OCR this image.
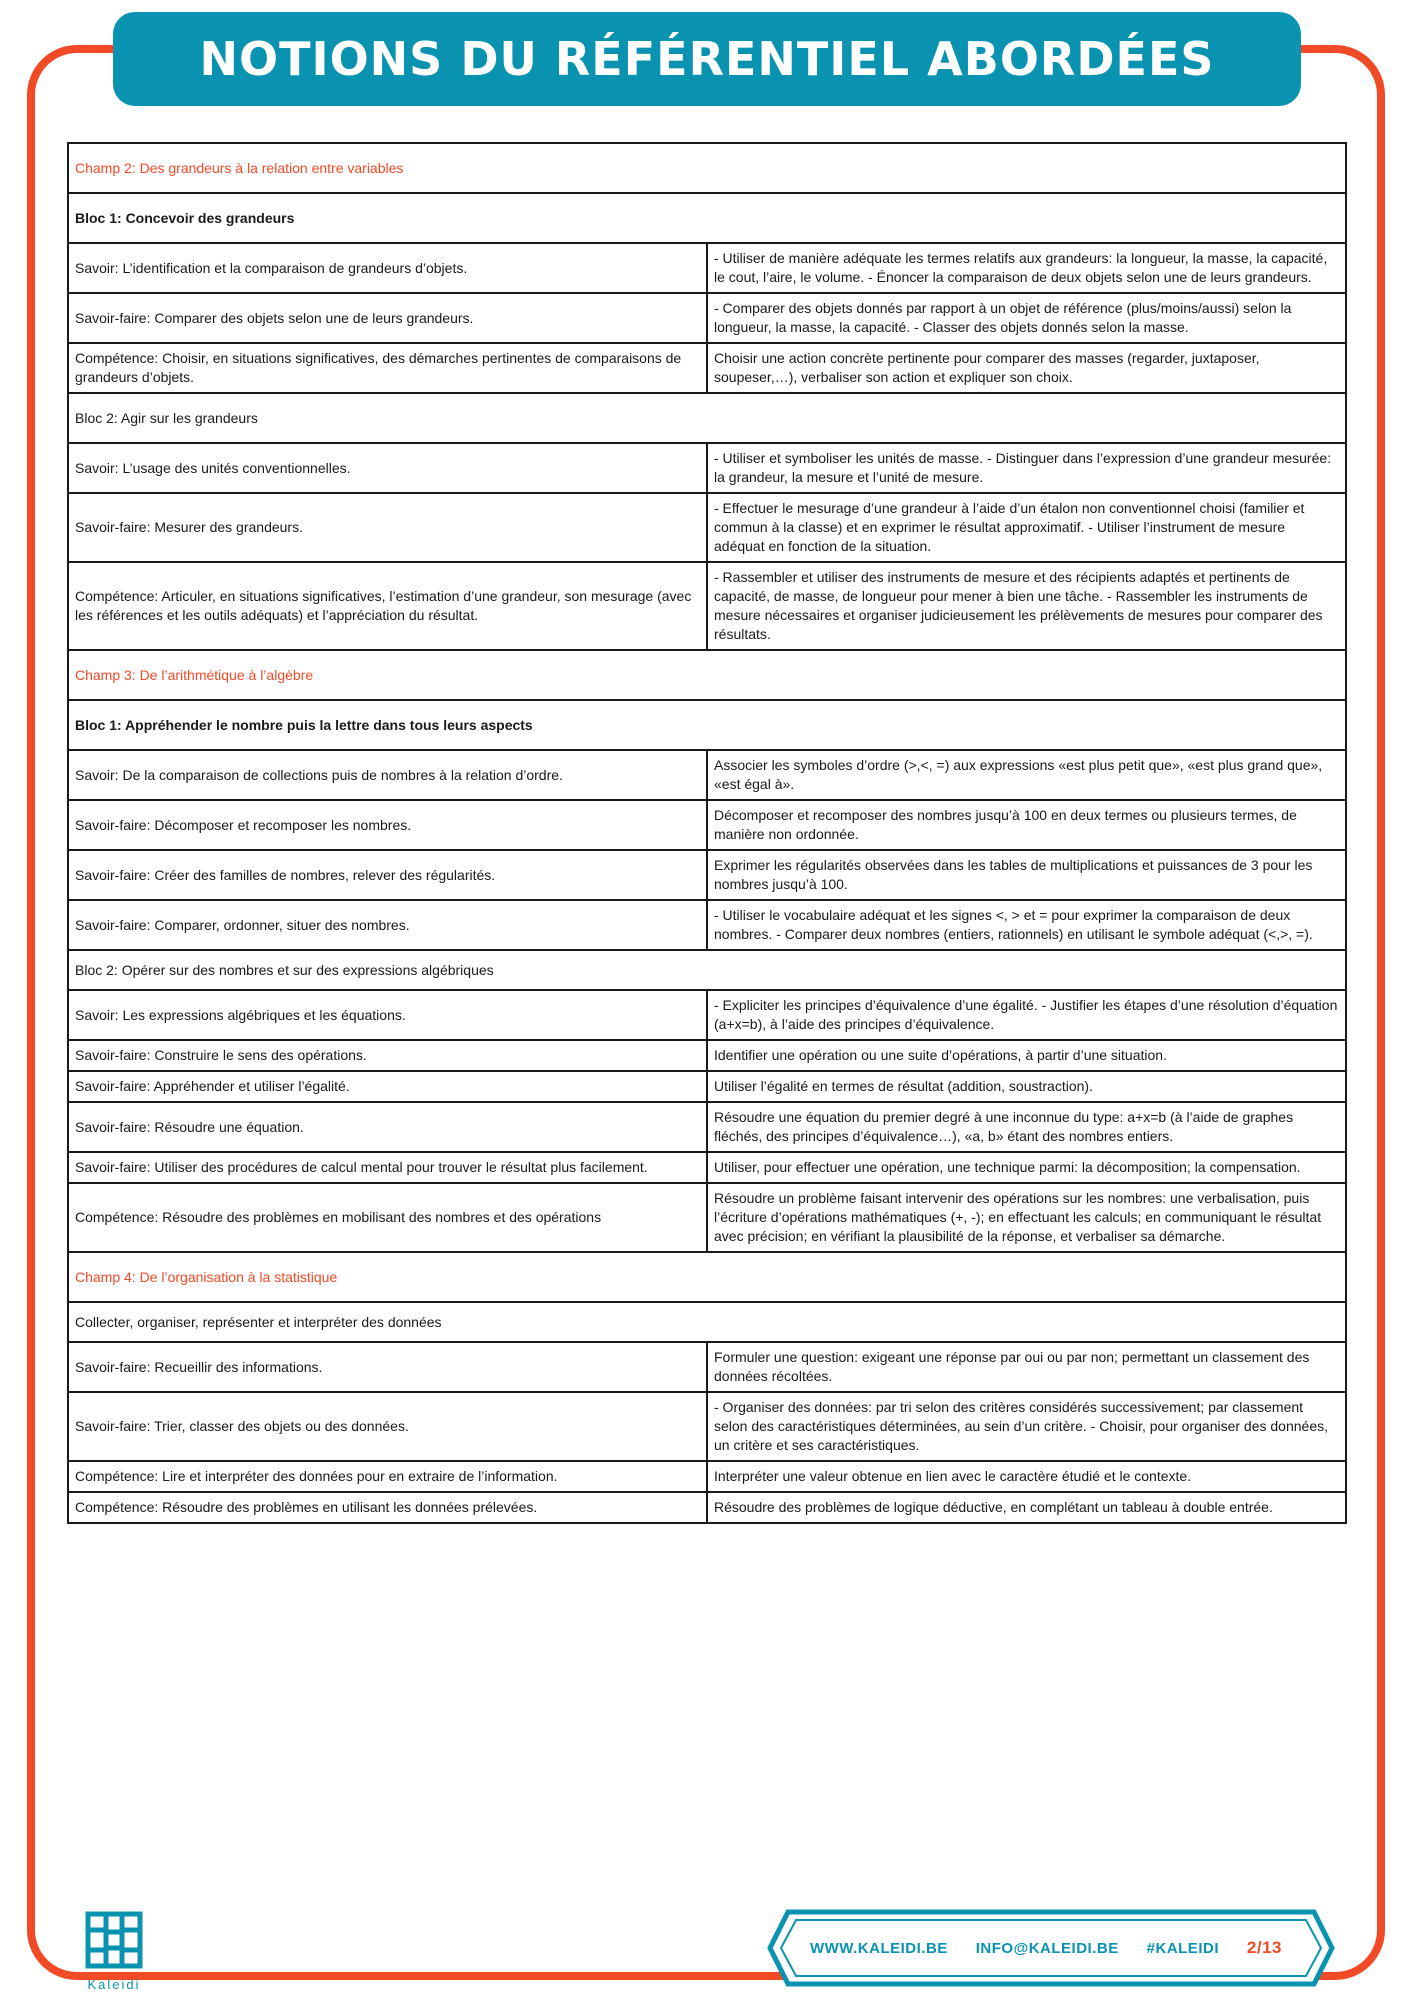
NOTIONS DU RÉFÉRENTIEL ABORDÉES
Champ 2: Des grandeurs à la relation entre variables	
Bloc 1: Concevoir des grandeurs	
Savoir: L’identification et la comparaison de grandeurs d’objets.	- Utiliser de manière adéquate les termes relatifs aux grandeurs: la longueur, la masse, la capacité, le cout, l’aire, le volume. - Énoncer la comparaison de deux objets selon une de leurs grandeurs.
Savoir-faire: Comparer des objets selon une de leurs grandeurs.	- Comparer des objets donnés par rapport à un objet de référence (plus/moins/aussi) selon la longueur, la masse, la capacité. - Classer des objets donnés selon la masse.
Compétence: Choisir, en situations significatives, des démarches pertinentes de comparaisons de grandeurs d’objets.	Choisir une action concrète pertinente pour comparer des masses (regarder, juxtaposer, soupeser,…), verbaliser son action et expliquer son choix.
Bloc 2: Agir sur les grandeurs	
Savoir: L’usage des unités conventionnelles.	- Utiliser et symboliser les unités de masse. - Distinguer dans l’expression d’une grandeur mesurée: la grandeur, la mesure et l’unité de mesure.
Savoir-faire: Mesurer des grandeurs.	- Effectuer le mesurage d’une grandeur à l’aide d’un étalon non conventionnel choisi (familier et commun à la classe) et en exprimer le résultat approximatif. - Utiliser l’instrument de mesure adéquat en fonction de la situation.
Compétence: Articuler, en situations significatives, l’estimation d’une grandeur, son mesurage (avec les références et les outils adéquats) et l’appréciation du résultat.	- Rassembler et utiliser des instruments de mesure et des récipients adaptés et pertinents de capacité, de masse, de longueur pour mener à bien une tâche. - Rassembler les instruments de mesure nécessaires et organiser judicieusement les prélèvements de mesures pour comparer des résultats.
Champ 3: De l’arithmétique à l’algèbre	
Bloc 1: Appréhender le nombre puis la lettre dans tous leurs aspects	
Savoir: De la comparaison de collections puis de nombres à la relation d’ordre.	Associer les symboles d’ordre (>,<, =) aux expressions «est plus petit que», «est plus grand que», «est égal à».
Savoir-faire: Décomposer et recomposer les nombres.	Décomposer et recomposer des nombres jusqu’à 100 en deux termes ou plusieurs termes, de manière non ordonnée.
Savoir-faire: Créer des familles de nombres, relever des régularités.	Exprimer les régularités observées dans les tables de multiplications et puissances de 3 pour les nombres jusqu’à 100.
Savoir-faire: Comparer, ordonner, situer des nombres.	- Utiliser le vocabulaire adéquat et les signes <, > et = pour exprimer la comparaison de deux nombres. - Comparer deux nombres (entiers, rationnels) en utilisant le symbole adéquat (<,>, =).
Bloc 2: Opérer sur des nombres et sur des expressions algébriques	
Savoir: Les expressions algébriques et les équations.	- Expliciter les principes d’équivalence d’une égalité. - Justifier les étapes d’une résolution d’équation (a+x=b), à l’aide des principes d’équivalence.
Savoir-faire: Construire le sens des opérations.	Identifier une opération ou une suite d’opérations, à partir d’une situation.
Savoir-faire: Appréhender et utiliser l’égalité.	Utiliser l’égalité en termes de résultat (addition, soustraction).
Savoir-faire: Résoudre une équation.	Résoudre une équation du premier degré à une inconnue du type: a+x=b (à l’aide de graphes fléchés, des principes d’équivalence…), «a, b» étant des nombres entiers.
Savoir-faire: Utiliser des procédures de calcul mental pour trouver le résultat plus facilement.	Utiliser, pour effectuer une opération, une technique parmi: la décomposition; la compensation.
Compétence: Résoudre des problèmes en mobilisant des nombres et des opérations	Résoudre un problème faisant intervenir des opérations sur les nombres: une verbalisation, puis l’écriture d’opérations mathématiques (+, -); en effectuant les calculs; en communiquant le résultat avec précision; en vérifiant la plausibilité de la réponse, et verbaliser sa démarche.
Champ 4: De l’organisation à la statistique	
Collecter, organiser, représenter et interpréter des données	
Savoir-faire: Recueillir des informations.	Formuler une question: exigeant une réponse par oui ou par non; permettant un classement des données récoltées.
Savoir-faire: Trier, classer des objets ou des données.	- Organiser des données: par tri selon des critères considérés successivement; par classement selon des caractéristiques déterminées, au sein d’un critère. - Choisir, pour organiser des données, un critère et ses caractéristiques.
Compétence: Lire et interpréter des données pour en extraire de l’information.	Interpréter une valeur obtenue en lien avec le caractère étudié et le contexte.
Compétence: Résoudre des problèmes en utilisant les données prélevées.	Résoudre des problèmes de logique déductive, en complétant un tableau à double entrée.
Kaleidi
WWW.KALEIDI.BE INFO@KALEIDI.BE #KALEIDI 2/13
